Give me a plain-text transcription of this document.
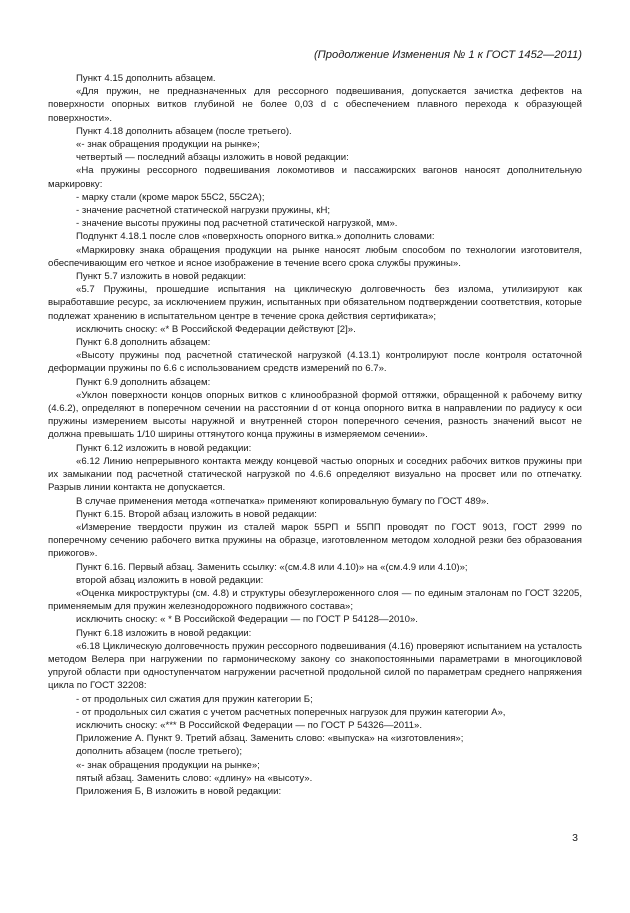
(Продолжение Изменения № 1 к ГОСТ 1452—2011)

Пункт 4.15 дополнить абзацем.

«Для пружин, не предназначенных для рессорного подвешивания, допускается зачистка дефектов на поверхности опорных витков глубиной не более 0,03 d с обеспечением плавного перехода к образующей поверхности».

Пункт 4.18 дополнить абзацем (после третьего).

«- знак обращения продукции на рынке»;

четвертый — последний абзацы изложить в новой редакции:

«На пружины рессорного подвешивания локомотивов и пассажирских вагонов наносят дополнительную маркировку:

- марку стали (кроме марок 55С2, 55С2А);

- значение расчетной статической нагрузки пружины, кН;

- значение высоты пружины под расчетной статической нагрузкой, мм».

Подпункт 4.18.1 после слов «поверхность опорного витка.» дополнить словами:

«Маркировку знака обращения продукции на рынке наносят любым способом по технологии изготовителя, обеспечивающим его четкое и ясное изображение в течение всего срока службы пружины».

Пункт 5.7 изложить в новой редакции:

«5.7 Пружины, прошедшие испытания на циклическую долговечность без излома, утилизируют как выработавшие ресурс, за исключением пружин, испытанных при обязательном подтверждении соответствия, которые подлежат хранению в испытательном центре в течение срока действия сертификата»;

исключить сноску: «* В Российской Федерации действуют [2]».

Пункт 6.8 дополнить абзацем:

«Высоту пружины под расчетной статической нагрузкой (4.13.1) контролируют после контроля остаточной деформации пружины по 6.6 с использованием средств измерений по 6.7».

Пункт 6.9 дополнить абзацем:

«Уклон поверхности концов опорных витков с клинообразной формой оттяжки, обращенной к рабочему витку (4.6.2), определяют в поперечном сечении на расстоянии d от конца опорного витка в направлении по радиусу к оси пружины измерением высоты наружной и внутренней сторон поперечного сечения, разность значений высот не должна превышать 1/10 ширины оттянутого конца пружины в измеряемом сечении».

Пункт 6.12 изложить в новой редакции:

«6.12 Линию непрерывного контакта между концевой частью опорных и соседних рабочих витков пружины при их замыкании под расчетной статической нагрузкой по 4.6.6 определяют визуально на просвет или по отпечатку. Разрыв линии контакта не допускается.

В случае применения метода «отпечатка» применяют копировальную бумагу по ГОСТ 489».

Пункт 6.15. Второй абзац изложить в новой редакции:

«Измерение твердости пружин из сталей марок 55РП и 55ПП проводят по ГОСТ 9013, ГОСТ 2999 по поперечному сечению рабочего витка пружины на образце, изготовленном методом холодной резки без образования прижогов».

Пункт 6.16. Первый абзац. Заменить ссылку: «(см.4.8 или 4.10)» на «(см.4.9 или 4.10)»;

второй абзац изложить в новой редакции:

«Оценка микроструктуры (см. 4.8) и структуры обезуглероженного слоя — по единым эталонам по ГОСТ 32205, применяемым для пружин железнодорожного подвижного состава»;

исключить сноску: « * В Российской Федерации — по ГОСТ Р 54128—2010».

Пункт 6.18 изложить в новой редакции:

«6.18 Циклическую долговечность пружин рессорного подвешивания (4.16) проверяют испытанием на усталость методом Велера при нагружении по гармоническому закону со знакопостоянными параметрами в многоцикловой упругой области при одноступенчатом нагружении расчетной продольной силой по параметрам среднего напряжения цикла по ГОСТ 32208:

- от продольных сил сжатия для пружин категории Б;

- от продольных сил сжатия с учетом расчетных поперечных нагрузок для пружин категории А»,

исключить сноску: «*** В Российской Федерации — по ГОСТ Р 54326—2011».

Приложение А. Пункт 9. Третий абзац. Заменить слово: «выпуска» на «изготовления»;

дополнить абзацем (после третьего);

«- знак обращения продукции на рынке»;

пятый абзац. Заменить слово: «длину» на «высоту».

Приложения Б, В изложить в новой редакции:

3
